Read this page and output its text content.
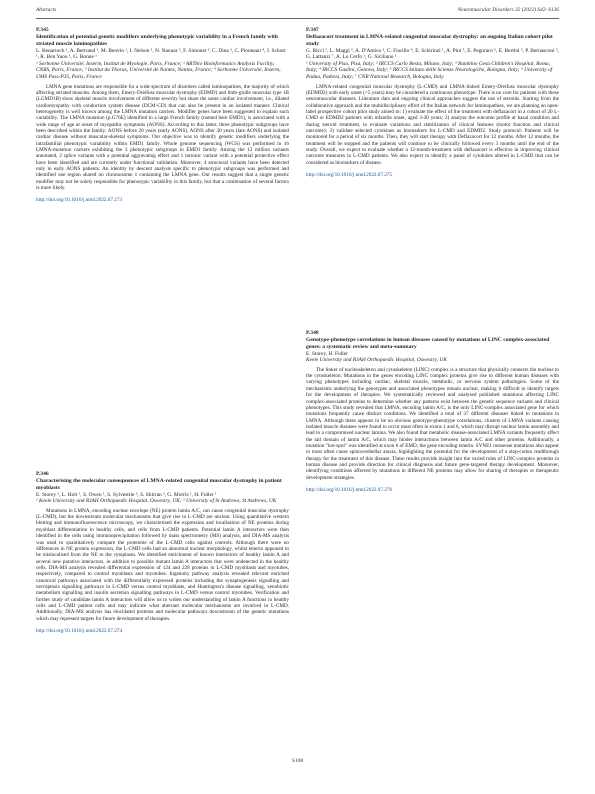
Abstracts	Neuromuscular Disorders 32 (2022) S42–S136
P.345
Identification of potential genetic modifiers underlying phenotypic variability in a French family with striated muscle laminopathies
L. Benarroch ¹, A. Bertrand ¹, M. Beuvin ¹, I. Nelson ¹, N. Naouar ², F. Simonet ³, C. Dina ³, C. Pionneau ⁴, J. Schott ¹, R. Ben Yaou ¹, G. Bonne ¹
¹ Sorbonne Université, Inserm, Institut de Myologie, Paris, France; ² ARTbio Bioinformatics Analysis Facility, CNRS, Paris, France; ³ Institut du Thorax, Université de Nantes, Nantes, France; ⁴ Sorbonne Université, Inserm, UMS Pass-P35, Paris, France
LMNA gene mutations are responsible for a wide spectrum of disorders called laminopathies, the majority of which affecting striated muscles. Among them, Emery-Dreifuss muscular dystrophy (EDMD) and limb-girdle muscular type 1B (LGMD1B) show skeletal muscle involvement of different severity but share the same cardiac involvement, i.e., dilated cardiomyopathy with conduction system disease (DCM-CD) that can also be present in an isolated manner. Clinical heterogeneity is well known among the LMNA mutation carriers. Modifier genes have been suggested to explain such variability. The LMNA mutation (p.G76E) identified in a large French family (named here EMD1), is associated with a wide range of age at onset of myopathic symptoms (AONS). According to this latter, three phenotypic subgroups have been described within the family: AONS before 20 years (early AONS), AONS after 30 years (late AONS) and isolated cardiac disease without muscular-skeletal symptoms. Our objective was to identify genetic modifiers underlying the intrafamilial phenotypic variability within EMD1 family. Whole genome sequencing (WGS) was performed in 16 LMNA-mutation carriers exhibiting the 3 phenotypic subgroups in EMD1 family. Among the 12 million variants annotated, 2 splice variants with a potential aggravating effect and 1 intronic variant with a potential protective effect have been identified and are currently under functional validation. Moreover, 4 structural variants have been detected only in early AONS patients. An identity by descent analysis specific to phenotypic subgroups was performed and identified one region shared on chromosome 1 containing the LMNA gene. Our results suggest that a single genetic modifier may not be solely responsible for phenotypic variability in this family, but that a combination of several factors is more likely.
http://doi.org/10.1016/j.nmd.2022.07.273
P.346
Characterising the molecular consequences of LMNA-related congenital muscular dystrophy in patient myoblasts
E. Storey ¹, L. Holt ¹, S. Owen ¹, S. Sylvestrie ², S. Shirran ², G. Morris ¹, H. Fuller ¹
¹ Keele University and RJAH Orthopaedic Hospital, Oswestry, UK; ² University of St Andrews, St Andrews, UK
Mutations in LMNA, encoding nuclear envelope (NE) protein lamin A/C, can cause congenital muscular dystrophy (L-CMD), but the downstream molecular mechanisms that give rise to L-CMD are unclear. Using quantitative western blotting and immunofluorescence microscopy, we characterised the expression and localisation of NE proteins during myoblast differentiation in healthy cells, and cells from L-CMD patients. Potential lamin A interactors were then identified in the cells using immunoprecipitation followed by mass spectrometry (MS) analysis, and DIA-MS analysis was used to quantitatively compare the proteome of the L-CMD cells against controls. Although there were no differences in NE protein expression, the L-CMD cells had an abnormal nuclear morphology, whilst emerin appeared to be mislocalised from the NE to the cytoplasm. We identified enrichment of known interactors of healthy lamin A and several new putative interactors, in addition to possible mutant lamin A interactors that were undetected in the healthy cells. DIA-MS analysis revealed differential expression of 124 and 228 proteins in L-CMD myoblasts and myotubes, respectively, compared to control myoblasts and myotubes. Ingenuity pathway analysis revealed relevant enriched canonical pathways associated with the differentially expressed proteins including the synaptogenesis signalling and necroptosis signalling pathways in L-CMD versus control myoblasts, and Huntington's disease signalling, xenobiotic metabolism signalling and insulin secretion signalling pathways in L-CMD versus control myotubes. Verification and further study of candidate lamin A interactors will allow us to widen our understanding of lamin A functions in healthy cells and L-CMD patient cells and may indicate what aberrant molecular mechanisms are involved in L-CMD. Additionally, DIA-MS analysis has elucidated proteins and molecular pathways downstream of the genetic mutations which may represent targets for future development of therapies.
http://doi.org/10.1016/j.nmd.2022.07.274
P.347
Deflazacort treatment in LMNA-related congenital muscular dystrophy: an ongoing Italian cohort pilot study
G. Ricci ¹, L. Maggi ², A. D'Amico ³, C. Fiorillo ⁴, E. Schirinzi ¹, A. Pini ⁵, E. Pegoraro ⁶, E. Bertini ³, P. Bernasconi ², G. Lattanzi ⁷, A. Lo Cerfo ¹, G. Siciliano ¹
¹ University of Pisa, Pisa, Italy; ² IRCCS Carlo Besta, Milano, Italy; ³ Bambino Gesù Children's Hospital, Roma, Italy; ⁴ IRCCS Gaslini, Genova, Italy; ⁵ IRCCS Istituto delle Scienze Neurologiche, Bologna, Italy; ⁶ University of Padua, Padova, Italy; ⁷ CNR National Research, Bologna, Italy
LMNA-related congenital muscular dystrophy (L-CMD) and LMNA-linked Emery-Dreifuss muscular dystrophy (EDMD2) with early onset (<5 years) may be considered a continuous phenotype. There is no cure for patients with these neuromuscular diseases. Literature data and ongoing clinical approaches suggest the use of steroids. Starting from the collaborative approach and the multidisciplinary effort of the Italian network for laminopathies, we are planning an open-label prospective cohort pilot study aimed to: 1) evaluate the effect of the treatment with deflazacort in a cohort of 20 L-CMD or EDMD2 patients with infantile onset, aged 3-30 years; 2) analyse the outcome profile at basal condition and during steroid treatment, to evaluate variations and stabilization of clinical features (motor function and clinical outcome); 3) validate selected cytokines as biomarkers for L-CMD and EDMD2. Study protocol: Patients will be monitored for a period of six months. Then, they will start therapy with Deflazacort for 12 months. After 12 months, the treatment will be stopped and the patients will continue to be clinically followed every 3 months until the end of the study. Overall, we expect to evaluate whether a 12-month-treatment with deflazacort is effective in improving clinical outcome measures in L-CMD patients. We also expect to identify a panel of cytokines altered in L-CMD that can be considered as biomarkers of disease.
http://doi.org/10.1016/j.nmd.2022.07.275
P.348
Genotype-phenotype correlations in human diseases caused by mutations of LINC complex-associated genes: a systematic review and meta-summary
E. Storey, H. Fuller
Keele University and RJAH Orthopaedic Hospital, Oswestry, UK
The linker of nucleoskeleton and cytoskeleton (LINC) complex is a structure that physically connects the nucleus to the cytoskeleton. Mutations in the genes encoding LINC complex proteins give rise to different human diseases with varying phenotypes including cardiac, skeletal muscle, metabolic, or nervous system pathologies. Some of the mechanisms underlying the genotypes and associated phenotypes remain unclear, making it difficult to identify targets for the development of therapies. We systematically reviewed and analysed published mutations affecting LINC complex-associated proteins to determine whether any patterns exist between the genetic sequence variants and clinical phenotypes. This study revealed that LMNA, encoding lamin A/C, is the only LINC-complex associated gene for which mutations frequently cause distinct conditions. We identified a total of 37 different diseases linked to mutations in LMNA. Although there appears to be no obvious genotype-phenotype correlations, clusters of LMNA variants causing isolated muscle diseases were found to occur most often in exons 1 and 6, which may disrupt nuclear lamin assembly and lead to a compromised nuclear lamina. We also found that metabolic disease-associated LMNA variants frequently affect the tail domain of lamin A/C, which may hinder interactions between lamin A/C and other proteins. Additionally, a mutation "hot-spot" was identified at exon 6 of EMD, the gene encoding emerin. SYNE1 nonsense mutations also appear to most often cause spinocerebellar ataxia, highlighting the potential for the development of a stop-codon readthrough therapy for the treatment of this disease. These results provide insight into the varied roles of LINC-complex proteins in human disease and provide direction for clinical diagnosis and future gene-targeted therapy development. Moreover, identifying conditions affected by mutations in different NE proteins may allow for sharing of therapies or therapeutic development strategies.
http://doi.org/10.1016/j.nmd.2022.07.276
S108
